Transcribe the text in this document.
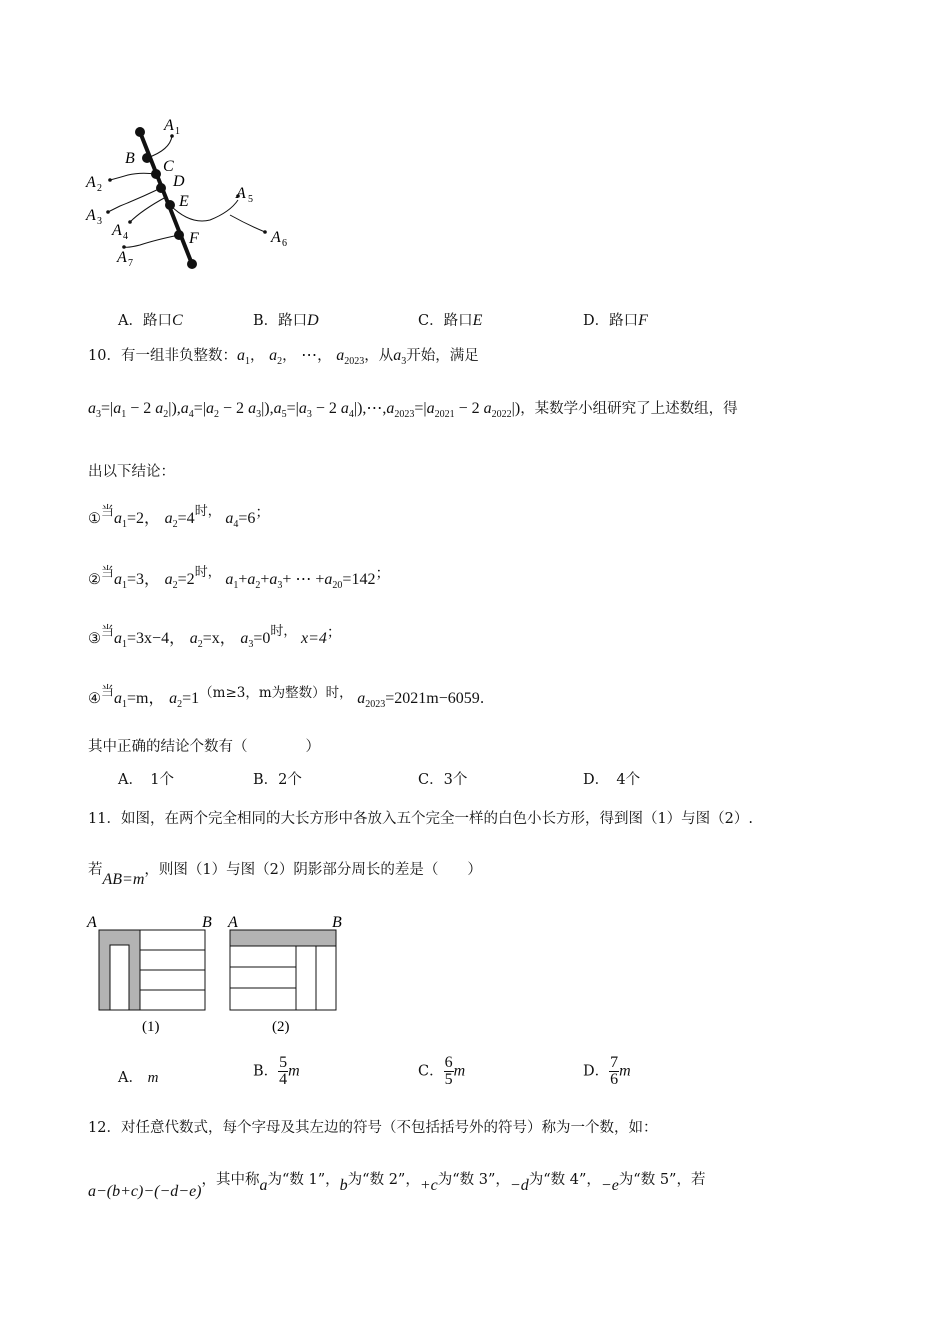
A 1
B C
A 2	D
E
A 3
A 4	F
A 5
A 6
A 7
A．路口C	B．路口D	C．路口E	D．路口F
10．有一组非负整数：$a_1$， $a_2$， ⋯， $a_{2023}$，从$a_3$开始，满足
$a_3=|a_1 - 2$ $a_2|),a_4=|a_2 - 2$ $a_3|),a_5=|a_3 - 2$ $a_4|),\cdots,a_{2023}=|a_{2021} - 2$ $a_{2022}|$)，某数学小组研究了上述数组，得
出以下结论：
①当$a_1=2$， $a_2=4$时， $a_4=6$；
②当$a_1=3$， $a_2=2$时， $a_1+a_2+a_3+$ ⋯ $+a_{20}=142$；
③当$a_1=3x-4$， $a_2=x$， $a_3=0$时， x=4；
④当$a_1=m$， $a_2=1(m\ge 3$，m为整数）时， $a_{2023}=2021m-6059$.
其中正确的结论个数有（　　　　）
A．　 1个	B．2个	C．3个	D．　 4个
11．如图，在两个完全相同的大长方形中各放入五个完全一样的白色小长方形，得到图（1）与图（2）.
若AB=m，则图（1）与图（2）阴影部分周长的差是（　　）
A	B
(1)
A	B
(2)
A． m	B． $\frac{5}{4}$ m	C． $\frac{6}{5}$ m	D． $\frac{7}{6}$ m
12．对任意代数式，每个字母及其左边的符号（不包括括号外的符号）称为一个数，如：
a−(b+c)−(−d−e)，其中称a为“数 1”，b为“数 2”，+c为“数 3”，−d为“数 4”，−e为“数 5”，若
